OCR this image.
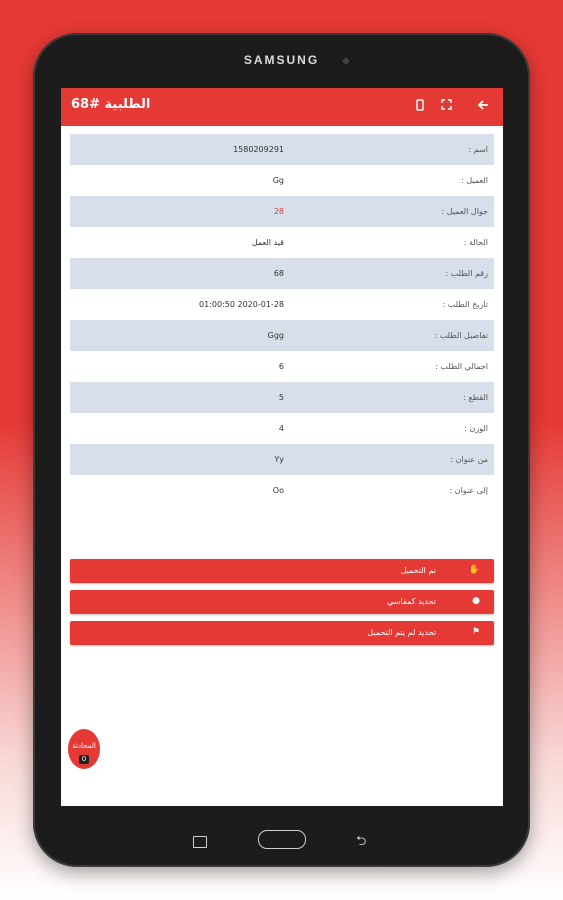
SAMSUNG
الطلبية #68
اسم :
1580209291
العميل :
Gg
جوال العميل :
28
الحالة :
قيد العمل
رقم الطلب :
68
تاريخ الطلب :
01:00:50 2020-01-28
تفاصيل الطلب :
Ggg
اجمالي الطلب :
6
القطع :
5
الوزن :
4
من عنوان :
Yy
إلى عنوان :
Oo
تم التحميل	✋
تحديد كمقاسي	●
تحديد لم يتم التحميل	⚑
المحادثة
0
⮌
